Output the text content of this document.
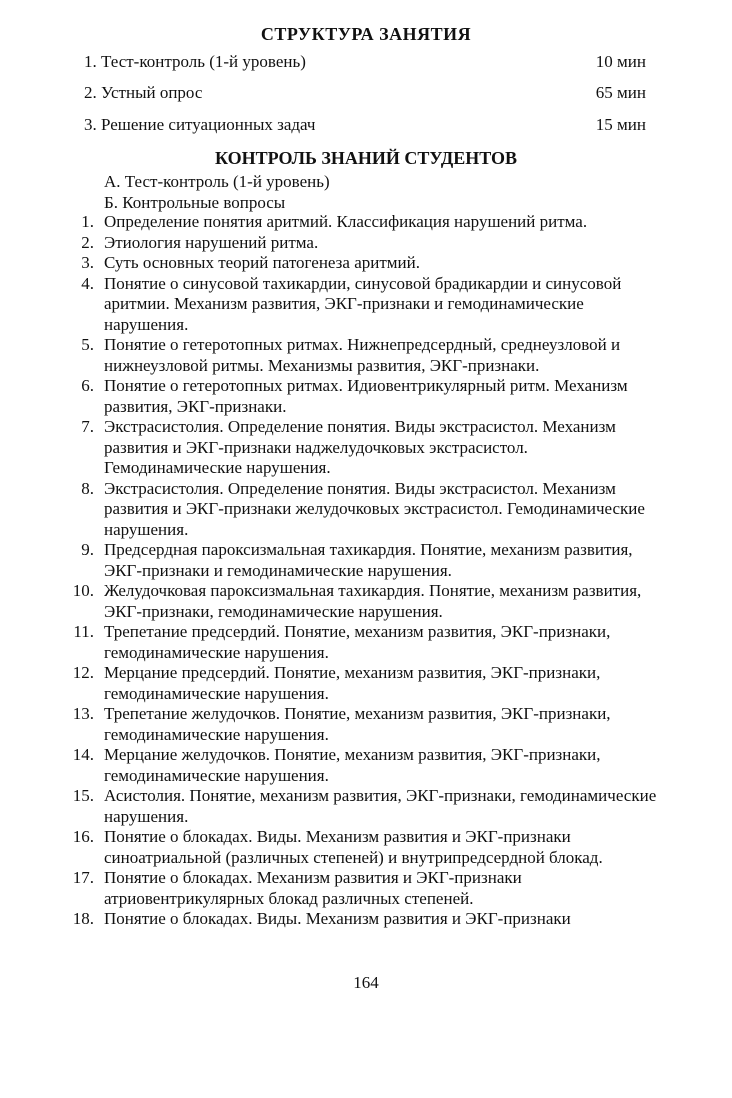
СТРУКТУРА ЗАНЯТИЯ
1. Тест-контроль (1-й уровень)	10 мин
2. Устный опрос	65 мин
3. Решение ситуационных задач	15 мин
КОНТРОЛЬ ЗНАНИЙ СТУДЕНТОВ
А. Тест-контроль (1-й уровень)
Б. Контрольные вопросы
1. Определение понятия аритмий. Классификация нарушений ритма.
2. Этиология нарушений ритма.
3. Суть основных теорий патогенеза аритмий.
4. Понятие о синусовой тахикардии, синусовой брадикардии и синусовой аритмии. Механизм развития, ЭКГ-признаки и гемодинамические нарушения.
5. Понятие о гетеротопных ритмах. Нижнепредсердный, среднеузловой и нижнеузловой ритмы. Механизмы развития, ЭКГ-признаки.
6. Понятие о гетеротопных ритмах. Идиовентрикулярный ритм. Механизм развития, ЭКГ-признаки.
7. Экстрасистолия. Определение понятия. Виды экстрасистол. Механизм развития и ЭКГ-признаки наджелудочковых экстрасистол. Гемодинамические нарушения.
8. Экстрасистолия. Определение понятия. Виды экстрасистол. Механизм развития и ЭКГ-признаки желудочковых экстрасистол. Гемодинамические нарушения.
9. Предсердная пароксизмальная тахикардия. Понятие, механизм развития, ЭКГ-признаки и гемодинамические нарушения.
10. Желудочковая пароксизмальная тахикардия. Понятие, механизм развития, ЭКГ-признаки, гемодинамические нарушения.
11. Трепетание предсердий. Понятие, механизм развития, ЭКГ-признаки, гемодинамические нарушения.
12. Мерцание предсердий. Понятие, механизм развития, ЭКГ-признаки, гемодинамические нарушения.
13. Трепетание желудочков. Понятие, механизм развития, ЭКГ-признаки, гемодинамические нарушения.
14. Мерцание желудочков. Понятие, механизм развития, ЭКГ-признаки, гемодинамические нарушения.
15. Асистолия. Понятие, механизм развития, ЭКГ-признаки, гемодинамические нарушения.
16. Понятие о блокадах. Виды. Механизм развития и ЭКГ-признаки синоатриальной (различных степеней) и внутрипредсердной блокад.
17. Понятие о блокадах. Механизм развития и ЭКГ-признаки атриовентрикулярных блокад различных степеней.
18. Понятие о блокадах. Виды. Механизм развития и ЭКГ-признаки
164
